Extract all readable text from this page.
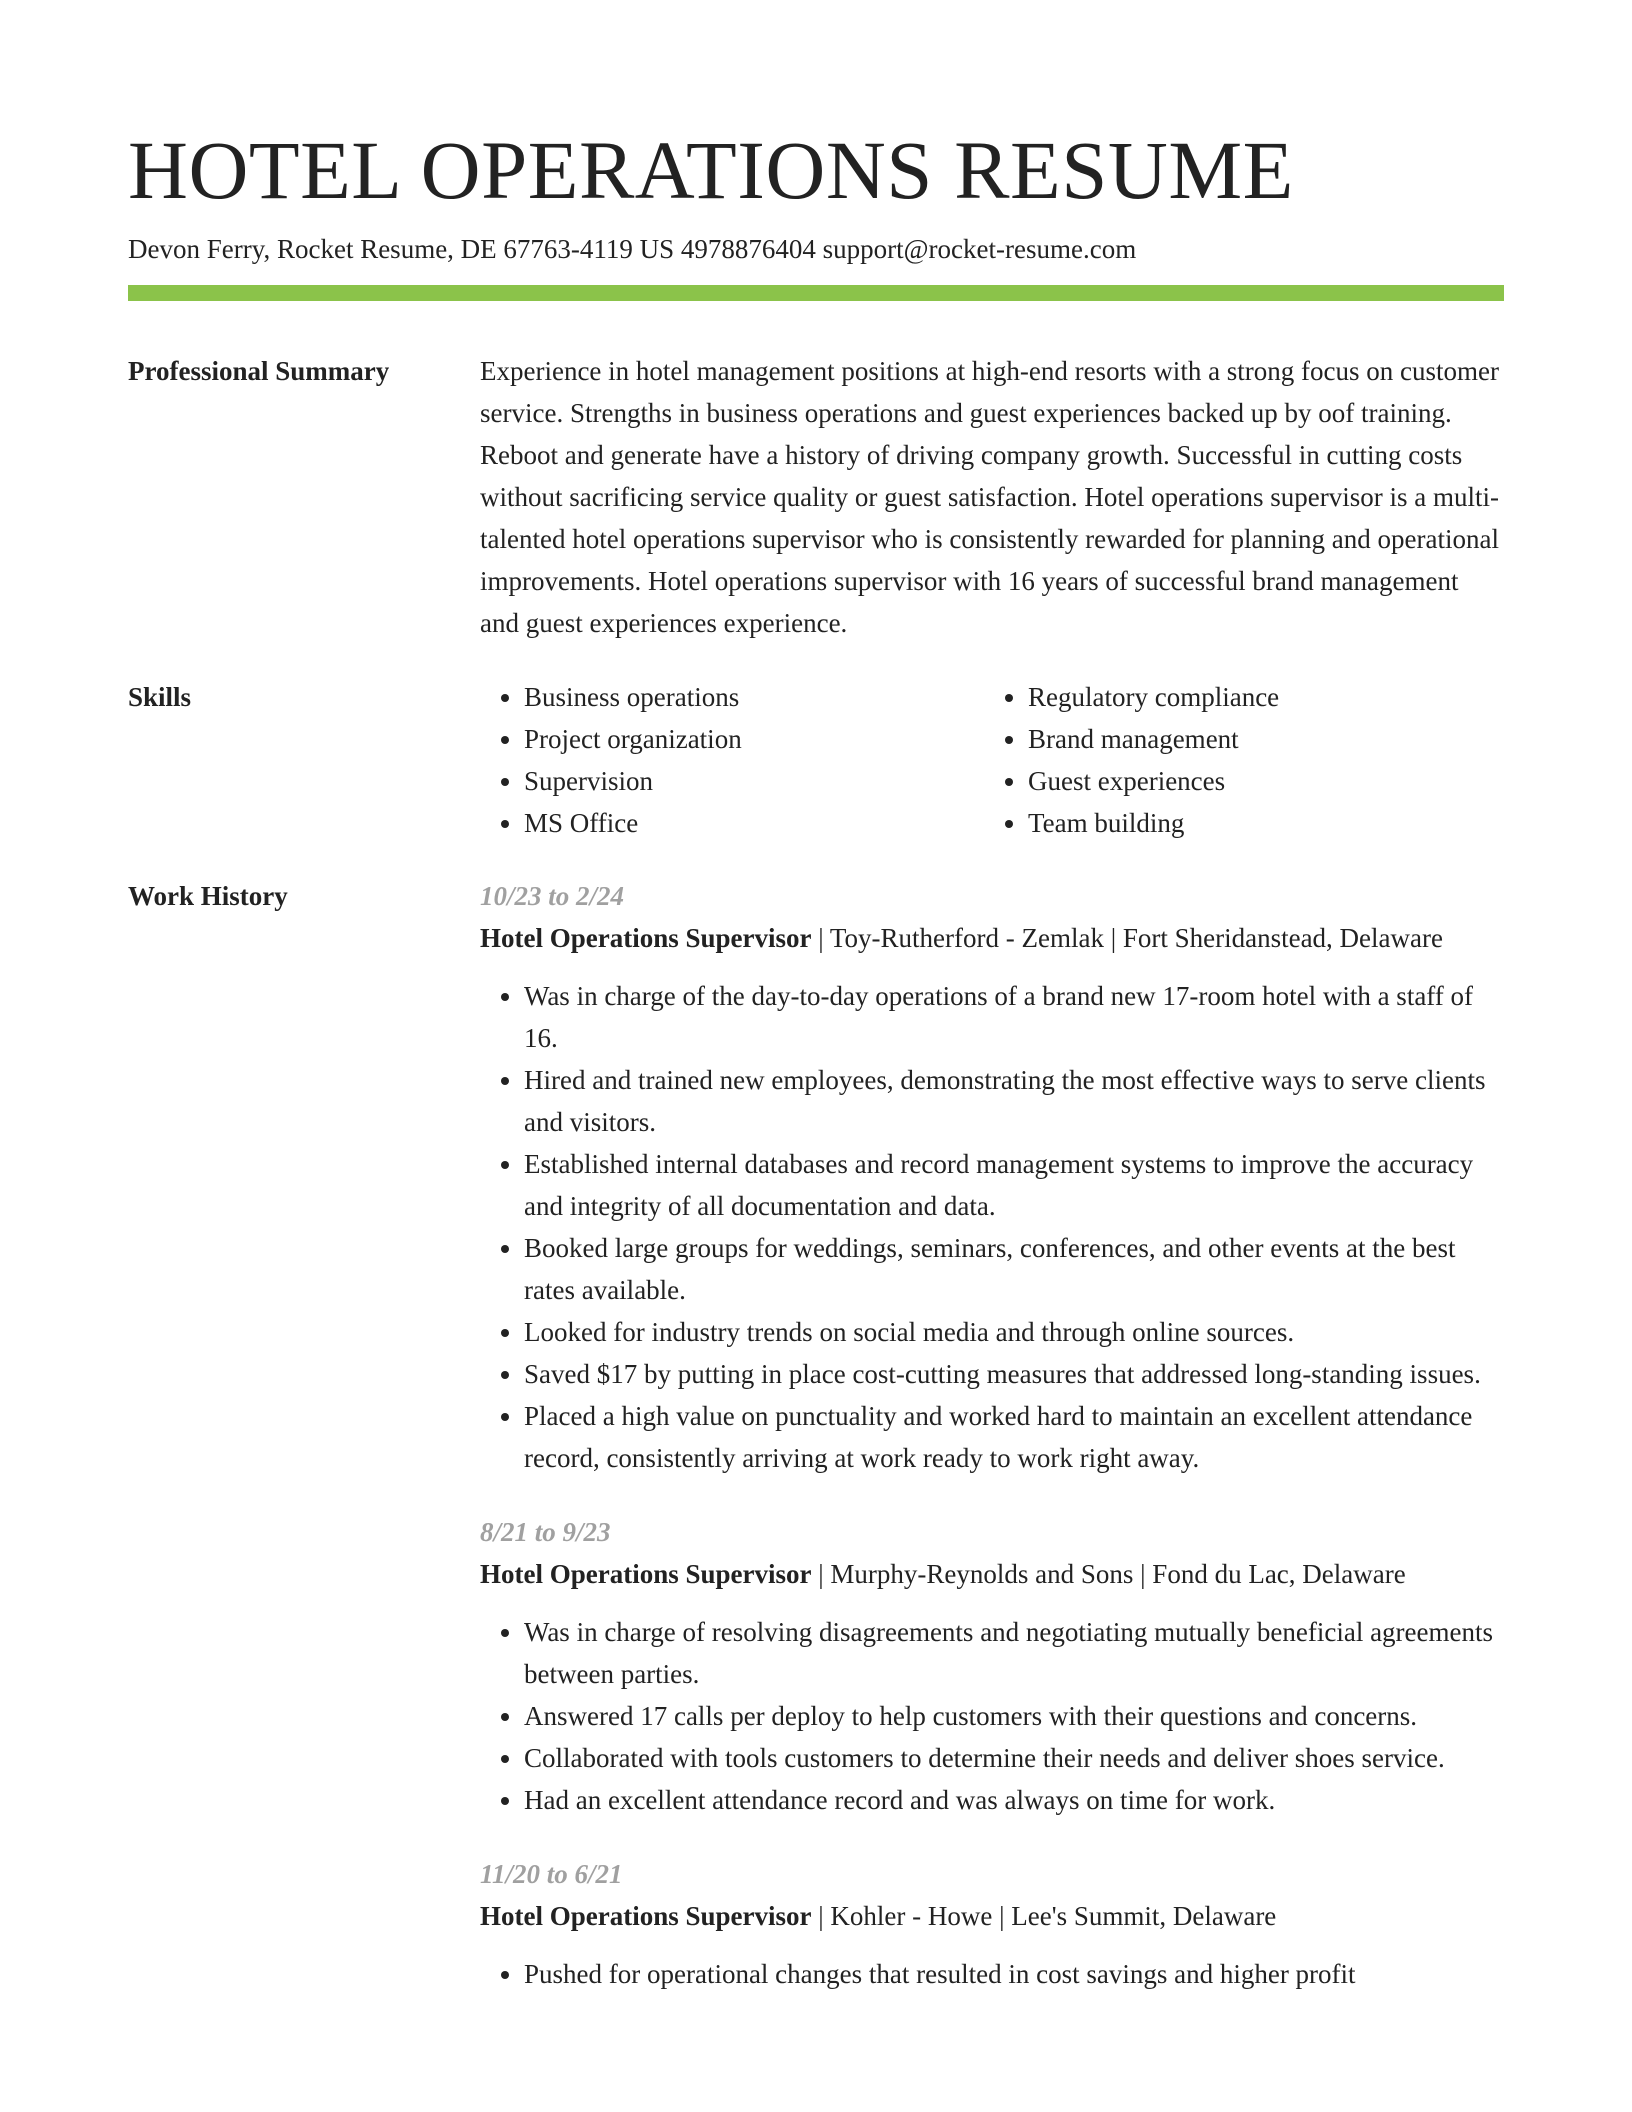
HOTEL OPERATIONS RESUME
Devon Ferry, Rocket Resume, DE 67763-4119 US 4978876404 support@rocket-resume.com
Professional Summary	Experience in hotel management positions at high-end resorts with a strong focus on customer service. Strengths in business operations and guest experiences backed up by oof training. Reboot and generate have a history of driving company growth. Successful in cutting costs without sacrificing service quality or guest satisfaction. Hotel operations supervisor is a multi-talented hotel operations supervisor who is consistently rewarded for planning and operational improvements. Hotel operations supervisor with 16 years of successful brand management and guest experiences experience.

Skills
•	Business operations
• Project organization
• Supervision
• MS Office
• Regulatory compliance
• Brand management
• Guest experiences
• Team building
Work History	10/23 to 2/24
Hotel Operations Supervisor | Toy-Rutherford - Zemlak | Fort Sheridanstead, Delaware
• Was in charge of the day-to-day operations of a brand new 17-room hotel with a staff of 16.
• Hired and trained new employees, demonstrating the most effective ways to serve clients and visitors.
• Established internal databases and record management systems to improve the accuracy and integrity of all documentation and data.
• Booked large groups for weddings, seminars, conferences, and other events at the best rates available.
• Looked for industry trends on social media and through online sources.
• Saved $17 by putting in place cost-cutting measures that addressed long-standing issues.
• Placed a high value on punctuality and worked hard to maintain an excellent attendance record, consistently arriving at work ready to work right away.
8/21 to 9/23
Hotel Operations Supervisor | Murphy-Reynolds and Sons | Fond du Lac, Delaware
• Was in charge of resolving disagreements and negotiating mutually beneficial agreements between parties.
• Answered 17 calls per deploy to help customers with their questions and concerns.
• Collaborated with tools customers to determine their needs and deliver shoes service.
• Had an excellent attendance record and was always on time for work.
11/20 to 6/21
Hotel Operations Supervisor | Kohler - Howe | Lee's Summit, Delaware
• Pushed for operational changes that resulted in cost savings and higher profit
